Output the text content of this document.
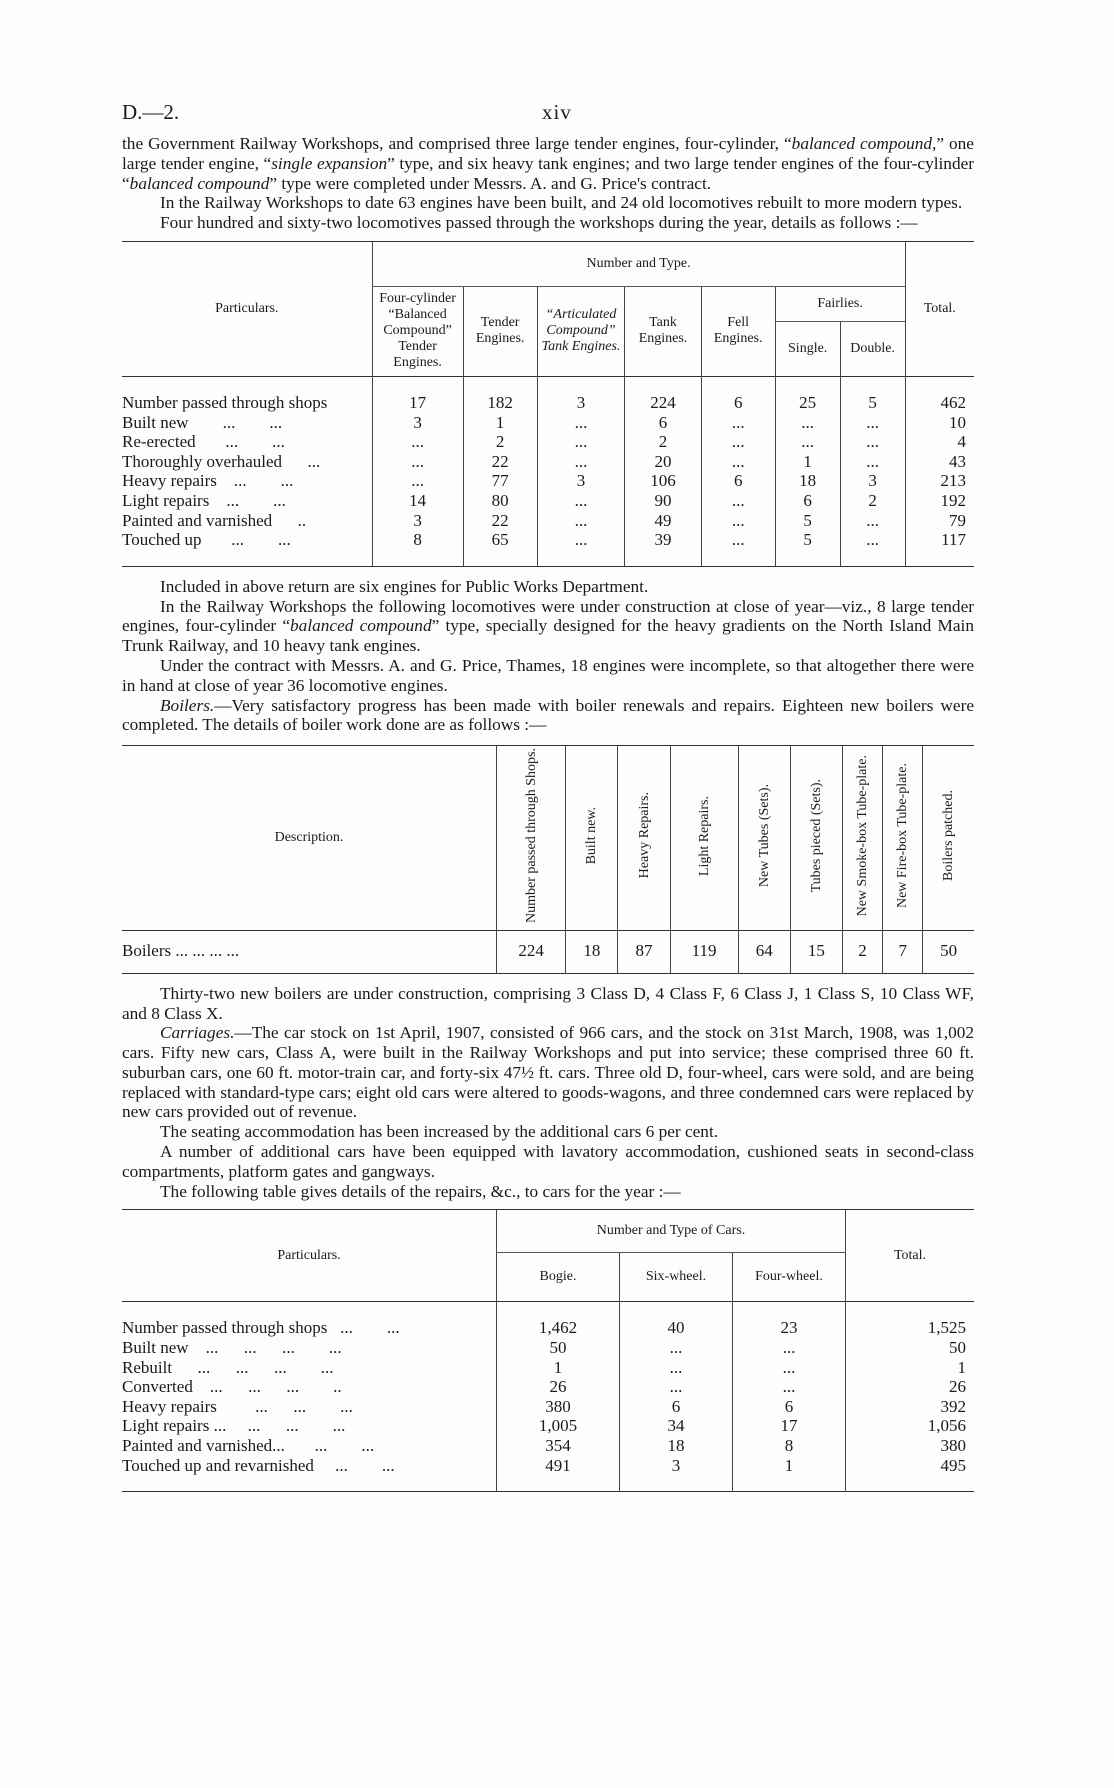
D.—2.	xiv

the Government Railway Workshops, and comprised three large tender engines, four-cylinder, “balanced compound,” one large tender engine, “single expansion” type, and six heavy tank engines; and two large tender engines of the four-cylinder “balanced compound” type were completed under Messrs. A. and G. Price's contract.

In the Railway Workshops to date 63 engines have been built, and 24 old locomotives rebuilt to more modern types.

Four hundred and sixty-two locomotives passed through the workshops during the year, details as follows :—

Particulars.	Number and Type.							Total.
	Four-cylinder “Balanced Compound” Tender Engines.	Tender Engines.	“Articulated Compound” Tank Engines.	Tank Engines.	Fell Engines.	Fairlies.		
						Single.	Double.	

Number passed through shops	17	182	3	224	6	25	5	462
Built new        ...        ...	3	1	...	6	...	...	...	10
Re-erected       ...        ...	...	2	...	2	...	...	...	4
Thoroughly overhauled      ...	...	22	...	20	...	1	...	43
Heavy repairs    ...        ...	...	77	3	106	6	18	3	213
Light repairs    ...        ...	14	80	...	90	...	6	2	192
Painted and varnished      ..	3	22	...	49	...	5	...	79
Touched up       ...        ...	8	65	...	39	...	5	...	117

Included in above return are six engines for Public Works Department.

In the Railway Workshops the following locomotives were under construction at close of year—viz., 8 large tender engines, four-cylinder “balanced compound” type, specially designed for the heavy gradients on the North Island Main Trunk Railway, and 10 heavy tank engines.

Under the contract with Messrs. A. and G. Price, Thames, 18 engines were incomplete, so that altogether there were in hand at close of year 36 locomotive engines.

Boilers.—Very satisfactory progress has been made with boiler renewals and repairs. Eighteen new boilers were completed. The details of boiler work done are as follows :—

Description.	Number passed through Shops.	Built new.	Heavy Repairs.	Light Repairs.	New Tubes (Sets).	Tubes pieced (Sets).	New Smoke-box Tube-plate.	New Fire-box Tube-plate.	Boilers patched.
Boilers ... ... ... ...	224	18	87	119	64	15	2	7	50

Thirty-two new boilers are under construction, comprising 3 Class D, 4 Class F, 6 Class J, 1 Class S, 10 Class WF, and 8 Class X.

Carriages.—The car stock on 1st April, 1907, consisted of 966 cars, and the stock on 31st March, 1908, was 1,002 cars. Fifty new cars, Class A, were built in the Railway Workshops and put into service; these comprised three 60 ft. suburban cars, one 60 ft. motor-train car, and forty-six 47½ ft. cars. Three old D, four-wheel, cars were sold, and are being replaced with standard-type cars; eight old cars were altered to goods-wagons, and three condemned cars were replaced by new cars provided out of revenue.

The seating accommodation has been increased by the additional cars 6 per cent.

A number of additional cars have been equipped with lavatory accommodation, cushioned seats in second-class compartments, platform gates and gangways.

The following table gives details of the repairs, &c., to cars for the year :—

Particulars.	Number and Type of Cars.			Total.
	Bogie.	Six-wheel.	Four-wheel.	

Number passed through shops   ...        ...	1,462	40	23	1,525
Built new    ...      ...      ...        ...	50	...	...	50
Rebuilt      ...      ...      ...        ...	1	...	...	1
Converted    ...      ...      ...        ..	26	...	...	26
Heavy repairs         ...      ...        ...	380	6	6	392
Light repairs ...     ...      ...        ...	1,005	34	17	1,056
Painted and varnished...       ...        ...	354	18	8	380
Touched up and revarnished     ...        ...	491	3	1	495
